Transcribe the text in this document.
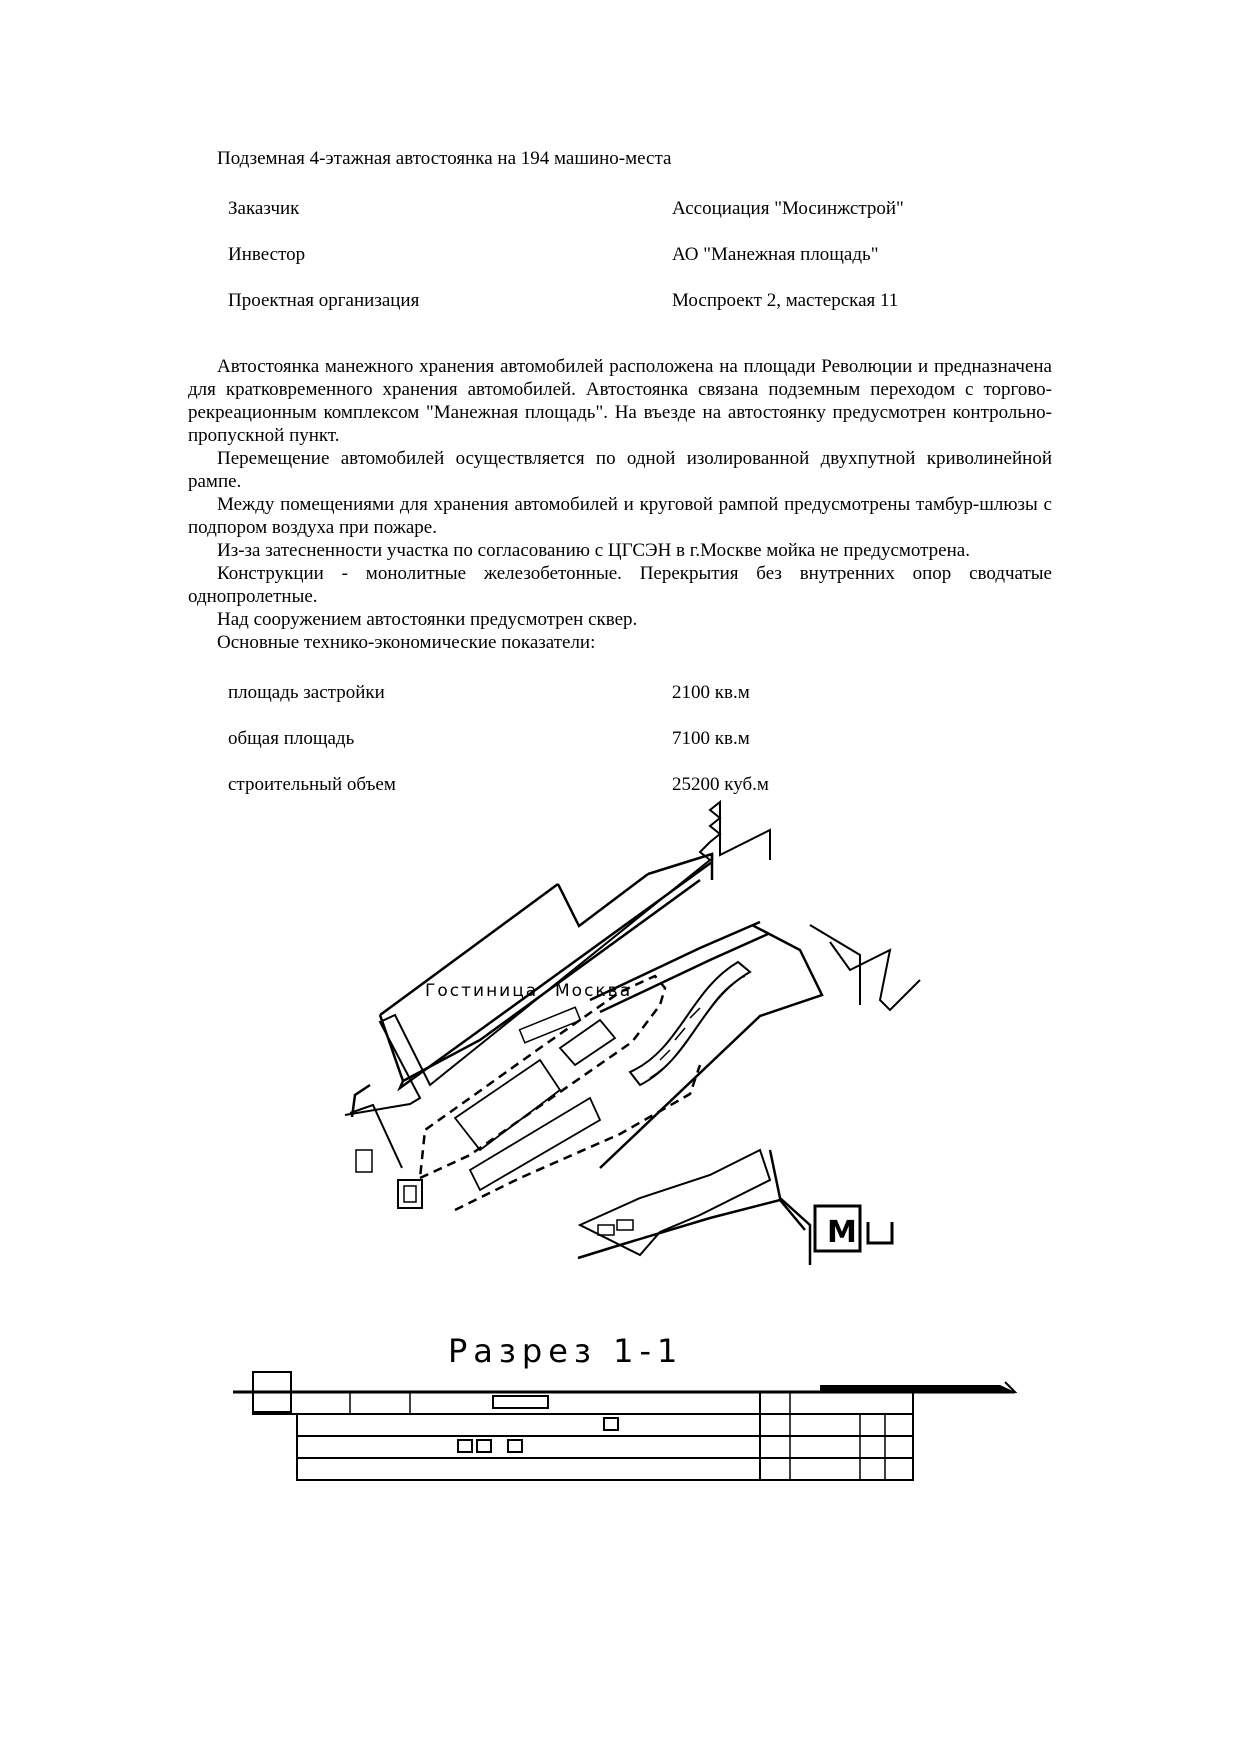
Подземная 4-этажная автостоянка на 194 машино-места
Заказчик	Ассоциация "Мосинжстрой"
Инвестор	АО "Манежная площадь"
Проектная организация	Моспроект 2, мастерская 11

Автостоянка манежного хранения автомобилей расположена на площади Революции и предназначена для кратковременного хранения автомобилей. Автостоянка связана подземным переходом с торгово-рекреационным комплексом "Манежная площадь". На въезде на автостоянку предусмотрен контрольно-пропускной пункт.

Перемещение автомобилей осуществляется по одной изолированной двухпутной криволинейной рампе.

Между помещениями для хранения автомобилей и круговой рампой предусмотрены тамбур-шлюзы с подпором воздуха при пожаре.

Из-за затесненности участка по согласованию с ЦГСЭН в г.Москве мойка не предусмотрена.

Конструкции - монолитные железобетонные. Перекрытия без внутренних опор сводчатые однопролетные.

Над сооружением автостоянки предусмотрен сквер.

Основные технико-экономические показатели:

площадь застройки	2100 кв.м
общая площадь	7100 кв.м
строительный объем	25200 куб.м
М
Гостиница Москва
Разрез 1-1
